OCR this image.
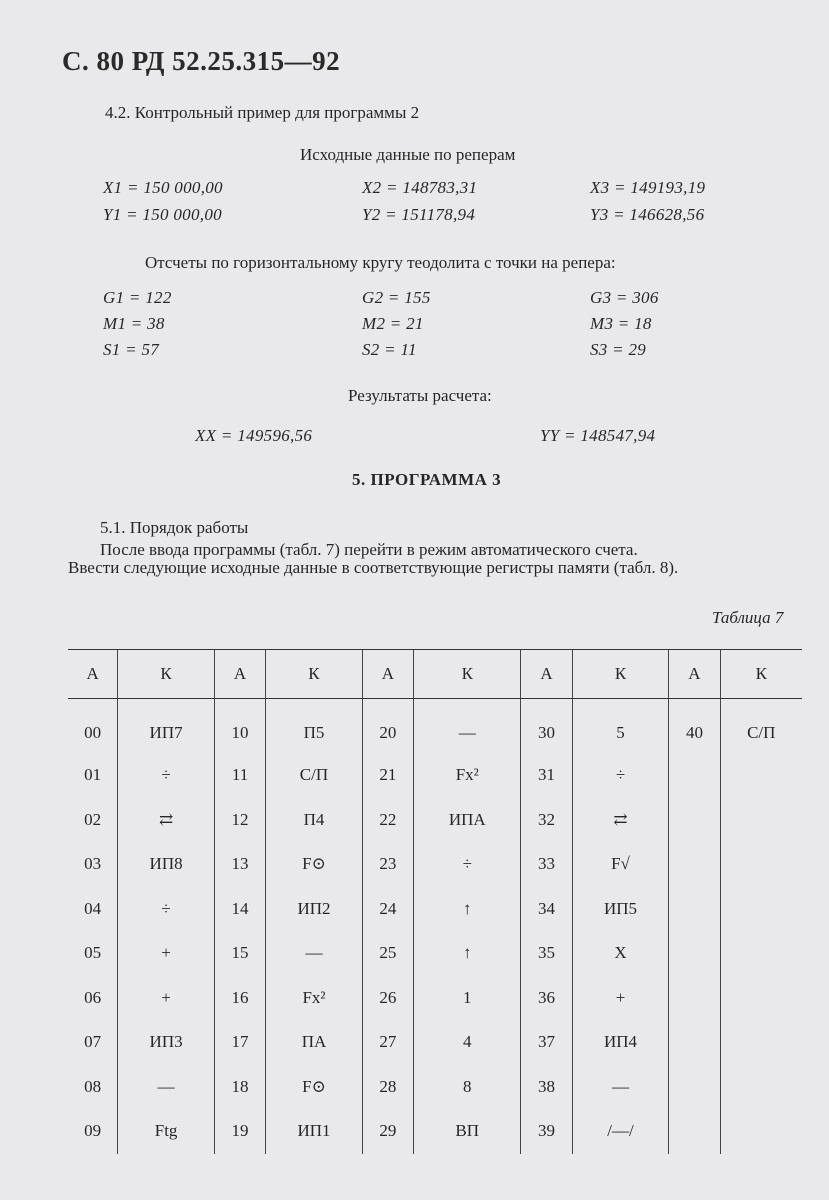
С. 80 РД 52.25.315—92
4.2. Контрольный пример для программы 2
Исходные данные по реперам
X1 = 150 000,00	X2 = 148783,31	X3 = 149193,19
Y1 = 150 000,00	Y2 = 151178,94	Y3 = 146628,56
Отсчеты по горизонтальному кругу теодолита с точки на репера:
G1 = 122	G2 = 155	G3 = 306
M1 = 38	M2 = 21	M3 = 18
S1 = 57	S2 = 11	S3 = 29
Результаты расчета:
XX = 149596,56	YY = 148547,94
5. ПРОГРАММА 3
5.1. Порядок работы
После ввода программы (табл. 7) перейти в режим автоматического счета.
Ввести следующие исходные данные в соответствующие регистры памяти (табл. 8).
Таблица 7
А	К	А	К	А	К	А	К	А	К
00	ИП7	10	П5	20	—	30	5	40	С/П
01	÷	11	С/П	21	Fx²	31	÷		
02	⇄	12	П4	22	ИПА	32	⇄		
03	ИП8	13	F⊙	23	÷	33	F√		
04	÷	14	ИП2	24	↑	34	ИП5		
05	+	15	—	25	↑	35	X		
06	+	16	Fx²	26	1	36	+		
07	ИП3	17	ПА	27	4	37	ИП4		
08	—	18	F⊙	28	8	38	—		
09	Ftg	19	ИП1	29	ВП	39	/—/		
